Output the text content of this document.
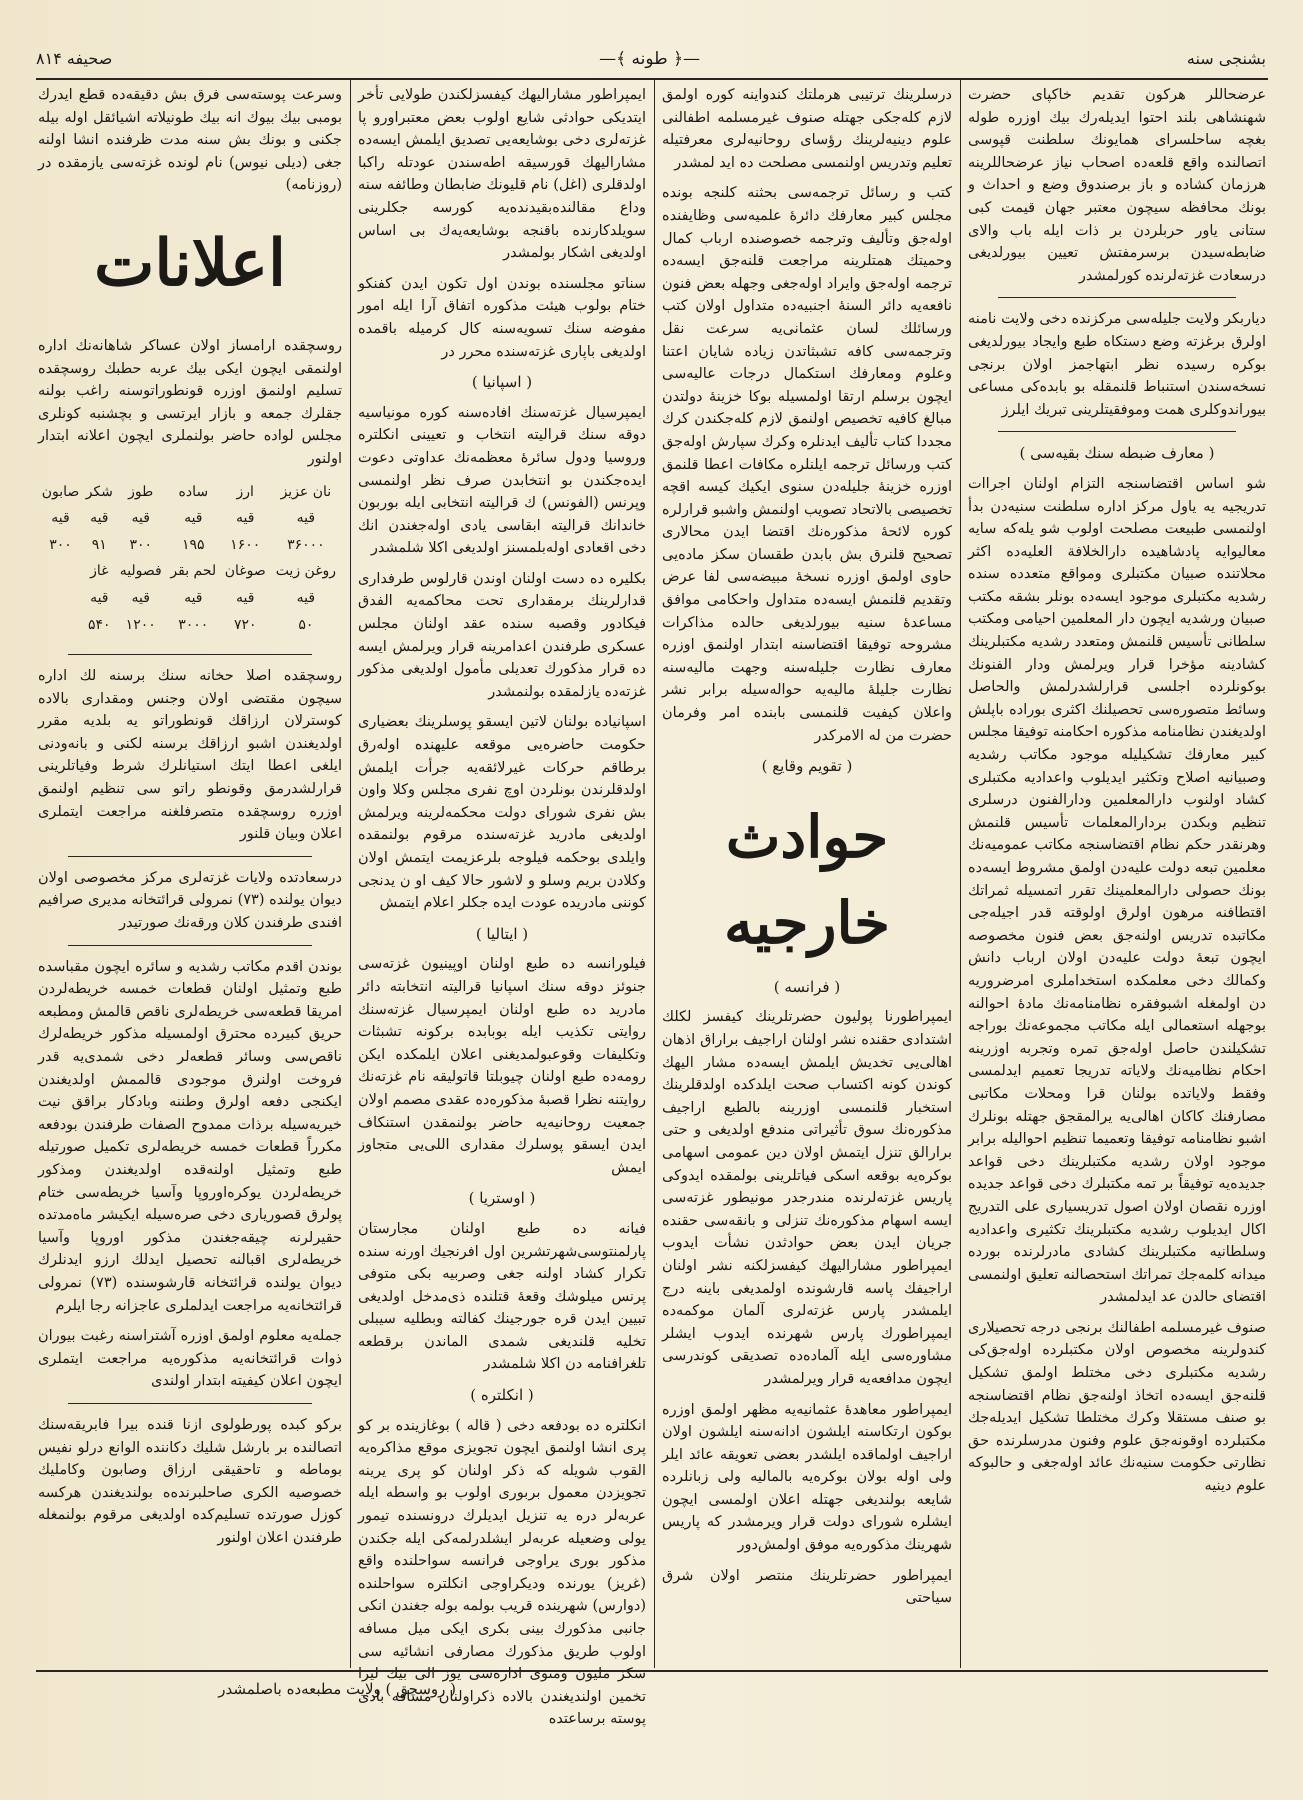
بشنجی سنه
—﴿ طونه ﴾—
صحیفه ۸۱۴

عرضحاللر هرکون تقدیم خاکپای حضرت شهنشاهی بلند احتوا ایدیله‌رك بیك اوزره طوله بغچه ساحلسرای همایونك سلطنت قپوسی اتصالنده واقع قلعه‌ده اصحاب نیاز عرضحاللرینه هرزمان کشاده و باز برصندوق وضع و احداث و بونك محافظه سیچون معتبر جهان قیمت کبی ستانی یاور حربلردن بر ذات ایله باب والای ضابطه‌سیدن برسرمفتش تعیین بیورلدیغی درسعادت غزته‌لرنده کورلمشدر

دیاربکر ولایت جلیله‌سی مرکزنده دخی ولایت نامنه اولرق برغزته وضع دستکاه طبع وایجاد بیورلدیغی بوکره رسیده نظر ابتهاجمز اولان برنجی نسخه‌سندن استنباط قلنمقله بو بابده‌کی مساعی بیوراندوکلری همت وموفقیتلرینی تبریك ایلرز

( معارف ضبطه سنك بقیه‌سی )

شو اساس اقتضاسنجه التزام اولنان اجراات تدریجیه یه یاول مرکز اداره سلطنت سنیه‌دن بدأ اولنمسی طبیعت مصلحت اولوب شو یله‌که سایه معالیوایه پادشاهیده دارالخلافة العلیه‌ده اکثر محلاتنده صبیان مکتبلری ومواقع متعدده سنده رشدیه مکتبلری موجود ایسه‌ده بونلر بشقه مکتب صبیان ورشدیه ایچون دار المعلمین احیامی ومکتب سلطانی تأسیس قلنمش ومتعدد رشدیه مکتبلرینك کشادینه مؤخرا قرار ویرلمش ودار الفنونك بوکونلرده اجلسی قرارلشدرلمش والحاصل وسائط متصوره‌سی تحصیلنك اکثری بوراده باپلش اولدیغندن نظامنامه مذکوره احکامنه توفیقا مجلس کبیر معارفك تشکیلیله موجود مکاتب رشدیه وصبیانیه اصلاح وتکثیر ایدیلوب واعدادیه مکتبلری کشاد اولنوب دارالمعلمین ودارالفنون درسلری تنظیم وبکدن بردارالمعلمات تأسیس قلنمش وهرنقدر حکم نظام اقتضاسنجه مکاتب عمومیه‌نك معلمین تبعه دولت علیه‌دن اولمق مشروط ایسه‌ده بونك حصولی دارالمعلمینك تقرر اتمسیله ثمراتك اقتطافنه مرهون اولرق اولوقته قدر اجیله‌جی مکاتبده تدریس اولنه‌جق بعض فنون مخصوصه ایچون تبعهٔ دولت علیه‌دن اولان ارباب دانش وکمالك دخی معلمکده استخداملری امرضروریه دن اولمغله اشبوفقره نظامنامه‌نك مادهٔ احوالنه بوجهله استعمالی ایله مکاتب مجموعه‌نك بوراجه تشکیلندن حاصل اوله‌جق تمره وتجربه اوزرینه احکام نظامیه‌نك ولایاته تدریجا تعمیم ایدلمسی وفقط ولایاتده بولنان قرا ومحلات مکاتبی مصارفنك کاکان اهالی‌یه یرالمقجق جهتله بونلرك اشبو نظامنامه توفیقا وتعمیما تنظیم احوالیله برابر موجود اولان رشدیه مکتبلرینك دخی قواعد جدیده‌یه توفیقاً بر تمه مکتبلرك دخی قواعد جدیده اوزره نقصان اولان اصول تدریسیاری علی التدریج اکال ایدیلوب رشدیه مکتبلرینك تکثیری واعدادیه وسلطانیه مکتبلرینك کشادی مادرلرنده بورده میدانه کلمه‌جك تمراتك استحصالنه تعلیق اولنمسی اقتضای حالدن عد ایدلمشدر

صنوف غیرمسلمه اطفالنك برنجی درجه تحصیلاری کندولرینه مخصوص اولان مکتبلرده اوله‌جق‌کی رشدیه مکتبلری دخی مختلط اولمق تشکیل قلنه‌جق ایسه‌ده اتخاذ اولنه‌جق نظام اقتضاسنجه بو صنف مستقلا وکرك مختلطا تشکیل ایدیله‌جك مکتبلرده اوقونه‌جق علوم وفنون مدرسلرنده حق نظارتی حکومت سنیه‌نك عائد اوله‌جغی و حالبوکه علوم دینیه

درسلرینك ترتیبی هرملتك کندواینه کوره اولمق لازم کله‌جکی جهتله صنوف غیرمسلمه اطفالنی علوم دینیه‌لرینك رؤسای روحانیه‌لری معرفتیله تعلیم وتدریس اولنمسی مصلحت ده اید لمشدر

کتب و رسائل ترجمه‌سی بحثنه کلنجه بونده مجلس کبیر معارفك دائرهٔ علمیه‌سی وظایفنده اوله‌جق وتألیف وترجمه خصوصنده ارباب کمال وحمیتك همتلرینه مراجعت قلنه‌جق ایسه‌ده ترجمه اوله‌جق وایراد اوله‌جغی وجهله بعض فنون نافعه‌یه دائر السنهٔ اجنبیه‌ده متداول اولان کتب ورسائلك لسان عثمانی‌یه سرعت نقل وترجمه‌سی کافه تشبثاتدن زیاده شایان اعتنا وعلوم ومعارفك استکمال درجات عالیه‌سی ایچون برسلم ارتقا اولمسیله بوکا خزینهٔ دولتدن مبالغ کافیه تخصیص اولنمق لازم کله‌جکندن کرك مجددا کتاب تألیف ایدنلره وکرك سپارش اوله‌جق کتب ورسائل ترجمه ایلنلره مکافات اعطا قلنمق اوزره خزینهٔ جلیله‌دن سنوی ایکیك کیسه اقچه تخصیصی بالاتحاد تصویب اولنمش واشبو قرارلره کوره لائحهٔ مذکوره‌نك اقتضا ایدن محالاری تصحیح قلنرق بش بابدن طقسان سکز ماده‌یی حاوی اولمق اوزره نسخهٔ مبیضه‌سی لفا عرض وتقدیم قلنمش ایسه‌ده متداول واحکامی موافق مساعدهٔ سنیه بیورلدیغی حالده مذاکرات مشروحه توفیقا اقتضاسنه ابتدار اولنمق اوزره معارف نظارت جلیله‌سنه وجهت مالیه‌سنه نظارت جلیلهٔ مالیه‌یه حواله‌سیله برابر نشر واعلان کیفیت قلنمسی بابنده امر وفرمان حضرت من له الامرکدر

( تقویم وقایع )
حوادث خارجیه
( فرانسه )

ایمپراطورنا پولیون حضرتلرینك کیفسز لکلك اشتدادی حقنده نشر اولنان اراجیف براراق اذهان اهالی‌یی تخدیش ایلمش ایسه‌ده مشار الیهك کوندن کونه اکتساب صحت ایلدکده اولدقلرینك استخبار قلنمسی اوزرینه بالطبع اراجیف مذکوره‌نك سوق تأثیراتی مندفع اولدیغی و حتی برارالق تنزل ایتمش اولان دین عمومی اسهامی بوکره‌یه بوقعه اسکی فیاتلرینی بولمقده ایدوکی پاریس غزته‌لرنده مندرجدر مونیطور غزته‌سی ایسه اسهام مذکوره‌نك تنزلی و بانقه‌سی حقنده جریان ایدن بعض حوادثدن نشأت ایدوب ایمپراطور مشارالیهك کیفسزلکنه نشر اولنان اراجیفك پاسه قارشونده اولمدیغی باینه درج ایلمشدر پارس غزته‌لری آلمان موکمه‌ده ایمپراطورك پارس شهرنده ایدوب ایشلر مشاوره‌سی ایله آلماده‌ده تصدیقی کوندرسی ایچون مدافعه‌یه قرار ویرلمشدر

ایمپراطور معاهدهٔ عثمانیه‌یه مظهر اولمق اوزره بوکون ارتکاسنه ایلشون ادانه‌سنه ایلشون اولان اراجیف اولماقده ایلشدر بعضی تعویقه عائد ایلر ولی اوله بولان بوکره‌یه بالمالیه ولی زبانلرده شایعه بولندیغی جهتله اعلان اولمسی ایچون ایشلره شورای دولت قرار ویرمشدر که پاریس شهرینك مذکوره‌یه موفق اولمش‌دور

ایمپراطور حضرتلرینك منتصر اولان شرق سیاحتی

ایمپراطور مشارالیهك کیفسزلکندن طولایی تأخر ایتدیکی حوادثی شایع اولوب بعض معتبراورو پا غزته‌لری دخی بوشایعه‌یی تصدیق ایلمش ایسه‌ده مشارالیهك قورسیقه اطه‌سندن عودتله راکبا اولدقلری (اغل) نام قلیونك ضابطان وطائفه سنه وداع مقالنده‌بقیدنده‌یه کورسه جکلرینی سویلدکارنده باقنجه بوشایعه‌یه‌ك بی اساس اولدیغی اشکار بولمشدر

سناتو مجلسنده بوندن اول تکون ایدن کفنکو ختام بولوب هیئت مذکوره اتفاق آرا ایله امور مفوضه سنك تسویه‌سنه کال کرمیله باقمده اولدیغی باپاری غزته‌سنده محرر در

( اسپانیا )

ایمپرسیال غزته‌سنك افاده‌سنه کوره مونیاسیه دوقه سنك قرالیته انتخاب و تعیینی انکلتره وروسیا ودول سائرهٔ معظمه‌نك عداوتی دعوت ایده‌جکندن بو انتخابدن صرف نظر اولنمسی وپرنس (الفونس) ك قرالیته انتخابی ایله بوربون خاندانك قرالیته ابقاسی یادی اوله‌جغندن انك دخی اقعادی اوله‌بلمسنز اولدیغی اکلا شلمشدر

بکلیره ده دست اولنان اوندن قارلوس طرفداری قدارلرینك برمقداری تحت محاکمه‌یه الفدق فیکادور وقصبه سنده عقد اولنان مجلس عسکری طرفندن اعدامرینه قرار ویرلمش ایسه ده قرار مذکورك تعدیلی مأمول اولدیغی مذکور غزته‌ده یازلمقده بولنمشدر

اسپانیاده بولنان لاتین ایسقو پوسلرینك بعضیاری حکومت حاضره‌یی موقعه علیهنده اوله‌رق برطاقم حرکات غیرلائقه‌یه جرأت ایلمش اولدقلرندن بونلردن اوچ نفری مجلس وکلا واون بش نفری شورای دولت محکمه‌لرینه ویرلمش اولدیغی مادرید غزته‌سنده مرقوم بولنمقده وایلدی بوحکمه فیلوجه بلرعزیمت ایتمش اولان وکلادن بریم وسلو و لاشور حالا کیف او ن یدنجی کوننی مادریده عودت ایده جکلر اعلام ایتمش

( ایتالیا )

فیلورانسه ده طبع اولنان اوپینیون غزته‌سی جنوئز دوقه سنك اسپانیا قرالیته انتخابته دائر مادرید ده طبع اولنان ایمپرسیال غزته‌سنك روایتی تکذیب ایله بوبابده برکونه تشبثات وتکلیفات وقوعبولمدیغنی اعلان ایلمکده ایکن رومه‌ده طبع اولنان چیوبلتا قاتولیقه نام غزته‌نك روایتنه نظرا قصبهٔ مذکوره‌ده عقدی مصمم اولان جمعیت روحانیه‌یه حاضر بولنمقدن استنکاف ایدن ایسقو پوسلرك مقداری اللی‌یی متجاوز ایمش

( اوستریا )

فیانه ده طبع اولنان مجارستان پارلمنتوسی‌شهرتشرین اول افرنجیك اورنه سنده تکرار کشاد اولنه جغی وصربیه بکی متوفی پرنس میلوشك وقعهٔ قتلنده ذی‌مدخل اولدیغی تبیین ایدن قره جورجینك کفالته وبطلیه سیبلی تخلیه قلندیغی شمدی الماندن برقطعه تلغرافنامه دن اکلا شلمشدر

( انکلتره )

انکلتره ده بودفعه دخی ( قاله ) بوغازینده بر کو پری انشا اولنمق ایچون تجویزی موقع مذاکره‌یه القوب شویله که ذکر اولنان کو پری یرینه تجویزدن معمول بربوری اولوب بو واسطه ایله عربه‌لر دره یه تنزیل ایدیلرك درونسنده تیمور یولی وضعیله عربه‌لر ایشلدرلمه‌کی ایله جکندن مذکور بوری یراوجی فرانسه سواحلنده واقع (غریز) یورنده ودیکراوجی انکلتره سواحلنده (دوارس) شهرینده قریب بولمه بوله جغندن انکی جانبی مذکورك بینی بکری ایکی میل مسافه اولوب طریق مذکورك مصارفی انشائیه سی سکز ملیون ومنوی اداره‌سی یوز الی بیك لیرا تخمین اولندیغندن بالاده ذکراولنان مسافه بادی پوسته برساعتده

وسرعت پوسته‌سی فرق بش دقیقه‌ده قطع ایدرك بومبی بیك بیوك انه بیك طونیلاته اشیائقل اوله بیله جکنی و بونك بش سنه مدت ظرفنده انشا اولنه جغی (دیلی نیوس) نام لونده غزته‌سی یازمقده در (روزنامه)

اعلانات

روسچقده ارامساز اولان عساکر شاهانه‌نك اداره اولنمقی ایچون ایکی بیك عربه حطبك روسچقده تسلیم اولنمق اوزره قونطوراتوسنه راغب بولنه جقلرك جمعه و بازار ایرتسی و بچشنبه کونلری مجلس لواده حاضر بولنملری ایچون اعلانه ابتدار اولنور

نان عزیز	ارز	ساده	طوز	شکر	صابون
قیه	قیه	قیه	قیه	قیه	قیه
۳۶۰۰۰	۱۶۰۰	۱۹۵	۳۰۰	۹۱	۳۰۰
روغن زیت	صوغان	لحم بقر	فصولیه	غاز	
قیه	قیه	قیه	قیه	قیه	
۵۰	۷۲۰	۳۰۰۰	۱۲۰۰	۵۴۰	

روسچقده اصلا حخانه سنك برسنه لك اداره سیچون مقتضی اولان وجنس ومقداری بالاده کوسترلان ارزاقك قونطوراتو یه بلدیه مقرر اولدیغندن اشبو ارزاقك برسنه لکنی و بانه‌ودنی ایلغی اعطا ایتك استیانلرك شرط وفیاتلرینی قرارلشدرمق وقونطو راتو سی تنظیم اولنمق اوزره روسچقده متصرفلغنه مراجعت ایتملری اعلان وبیان قلنور

درسعادتده ولایات غزته‌لری مرکز مخصوصی اولان دیوان یولنده (۷۳) نمرولی قرائتخانه مدیری صرافیم افندی طرفندن کلان ورقه‌نك صورتیدر

بوندن اقدم مکاتب رشدیه و سائره ایچون مقباسده طبع وتمثیل اولنان قطعات خمسه خریطه‌لردن امریقا قطعه‌سی خریطه‌لری ناقص قالمش ومطبعه حریق کبیرده محترق اولمسیله مذکور خریطه‌لرك ناقص‌سی وسائر قطعه‌لر دخی شمدی‌یه قدر فروخت اولنرق موجودی قالممش اولدیغندن ایکنجی دفعه اولرق وطننه وبادکار براقق نیت خیریه‌سیله برذات ممدوح الصفات طرفندن بودفعه مکرراً قطعات خمسه خریطه‌لری تکمیل صورتیله طبع وتمثیل اولنه‌قده اولدیغندن ومذکور خریطه‌لردن یوکره‌اوروپا وآسیا خریطه‌سی ختام پولرق قصوریاری دخی صره‌سیله ایکیشر ماه‌مدتده حقیرلرنه چیقه‌جغندن مذکور اوروپا وآسیا خریطه‌لری اقبالنه تحصیل ایدلك ارزو ایدنلرك دیوان یولنده قرائتخانه قارشوسنده (۷۳) نمرولی قرائتخانه‌یه مراجعت ایدلملری عاجزانه رجا ایلرم

جمله‌یه معلوم اولمق اوزره آشتراسنه رغبت بیوران ذوات قرائتخانه‌یه مذکوره‌یه مراجعت ایتملری ایچون اعلان کیفیته ابتدار اولندی

برکو کبده پورطولوی ازنا قنده بیرا فابریقه‌سنك اتصالنده بر بارشل شلیك دکاننده الوانع درلو نفیس بوماطه و تاحقیقی ارزاق وصابون وکاملیك خصوصیه الکری صاحلبرنده‌ه بولندیغندن هرکسه کوزل صورتده تسلیم‌کده اولدیغی مرقوم بولنمغله طرفندن اعلان اولنور

( روسچق ) ولایت مطبعه‌ده باصلمشدر
